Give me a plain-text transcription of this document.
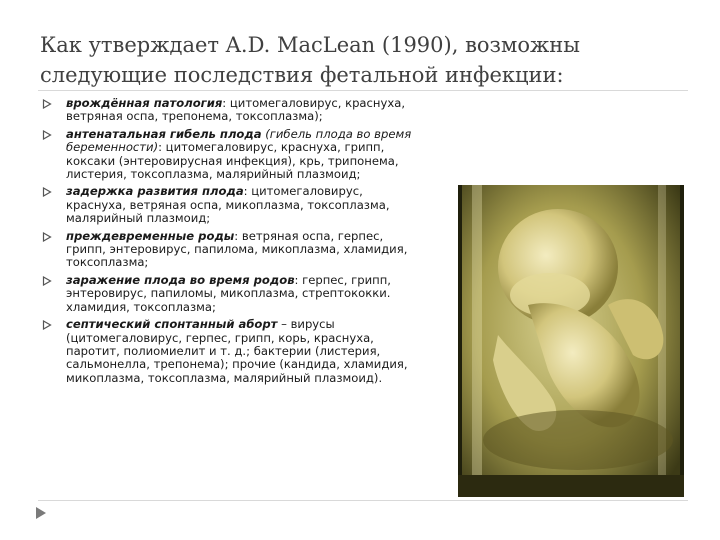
Как утверждает A.D. MacLean (1990), возможны следующие последствия фетальной инфекции:
врождённая патология: цитомегаловирус, краснуха, ветряная оспа, трепонема, токсоплазма);
антенатальная гибель плода (гибель плода во время беременности): цитомегаловирус, краснуха, грипп, коксаки (энтеровирусная инфекция), крь, трипонема, листерия, токсоплазма, малярийный плазмоид;
задержка развития плода: цитомегаловирус, краснуха, ветряная оспа, микоплазма, токсоплазма, малярийный плазмоид;
преждевременные роды: ветряная оспа, герпес, грипп, энтеровирус, папилома, микоплазма, хламидия, токсоплазма;
заражение плода во время родов: герпес, грипп, энтеровирус, папиломы, микоплазма, стрептококки. хламидия, токсоплазма;
септический спонтанный аборт – вирусы (цитомегаловирус, герпес, грипп, корь, краснуха, паротит, полиомиелит и т. д.; бактерии (листерия, сальмонелла, трепонема); прочие (кандида, хламидия, микоплазма, токсоплазма, малярийный плазмоид).
